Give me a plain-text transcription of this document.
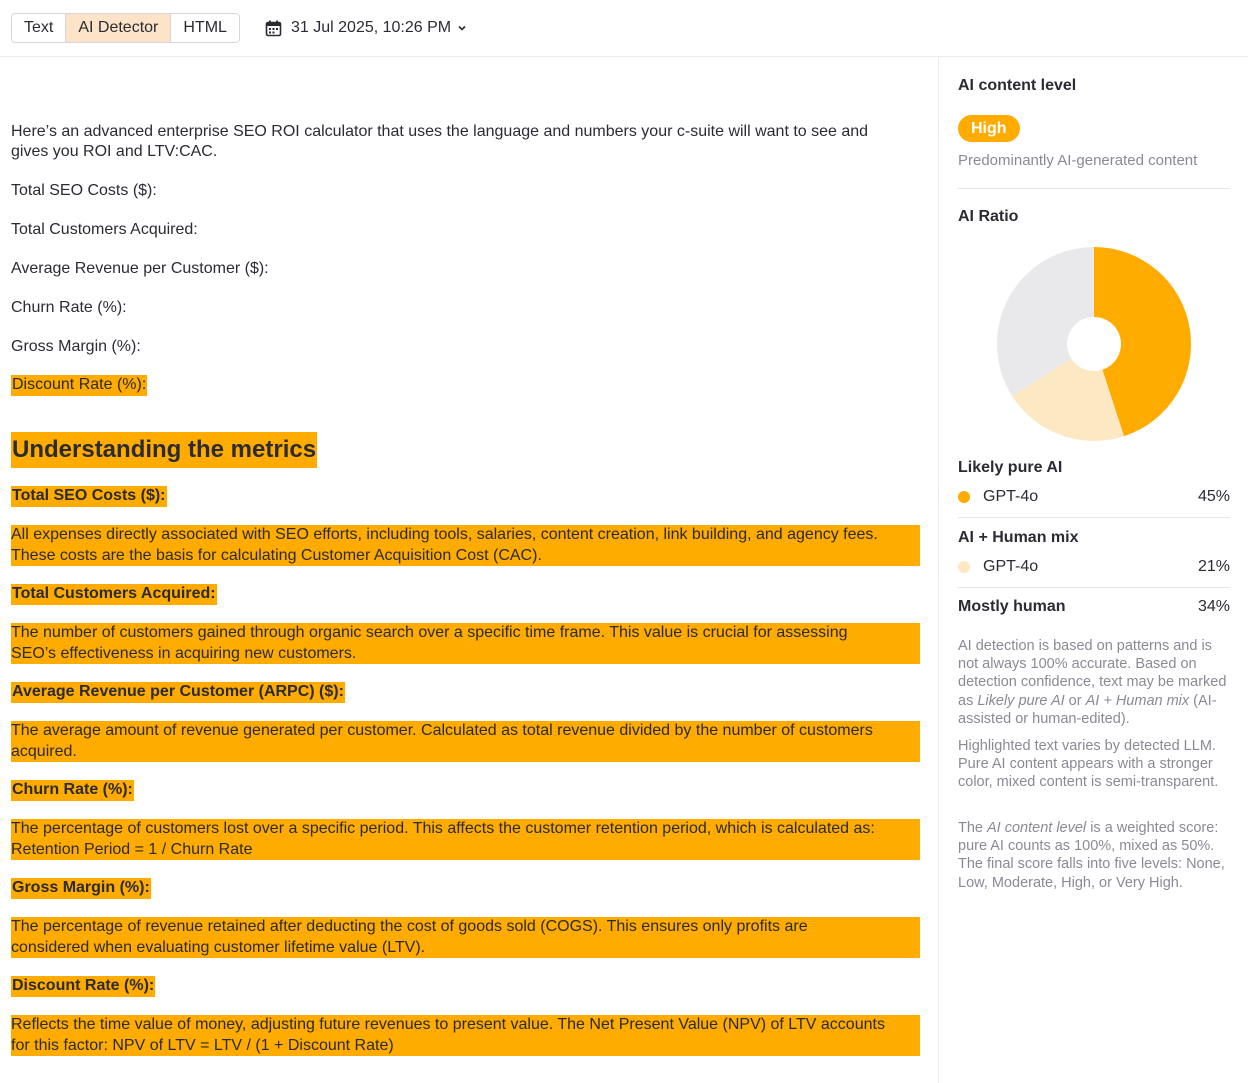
Text	AI Detector	HTML	31 Jul 2025, 10:26 PM
Here’s an advanced enterprise SEO ROI calculator that uses the language and numbers your c-suite will want to see and
gives you ROI and LTV:CAC.
Total SEO Costs ($):
Total Customers Acquired:
Average Revenue per Customer ($):
Churn Rate (%):
Gross Margin (%):
Discount Rate (%):
Understanding the metrics
Total SEO Costs ($):
All expenses directly associated with SEO efforts, including tools, salaries, content creation, link building, and agency fees.
These costs are the basis for calculating Customer Acquisition Cost (CAC).
Total Customers Acquired:
The number of customers gained through organic search over a specific time frame. This value is crucial for assessing
SEO’s effectiveness in acquiring new customers.
Average Revenue per Customer (ARPC) ($):
The average amount of revenue generated per customer. Calculated as total revenue divided by the number of customers
acquired.
Churn Rate (%):
The percentage of customers lost over a specific period. This affects the customer retention period, which is calculated as:
Retention Period = 1 / Churn Rate
Gross Margin (%):
The percentage of revenue retained after deducting the cost of goods sold (COGS). This ensures only profits are
considered when evaluating customer lifetime value (LTV).
Discount Rate (%):
Reflects the time value of money, adjusting future revenues to present value. The Net Present Value (NPV) of LTV accounts
for this factor: NPV of LTV = LTV / (1 + Discount Rate)
AI content level
High
Predominantly AI-generated content
AI Ratio
Likely pure AI
GPT-4o	45%
AI + Human mix
GPT-4o	21%
Mostly human	34%
AI detection is based on patterns and is not always 100% accurate. Based on detection confidence, text may be marked as Likely pure AI or AI + Human mix (AI-assisted or human-edited).
Highlighted text varies by detected LLM. Pure AI content appears with a stronger color, mixed content is semi-transparent.
The AI content level is a weighted score: pure AI counts as 100%, mixed as 50%. The final score falls into five levels: None, Low, Moderate, High, or Very High.
